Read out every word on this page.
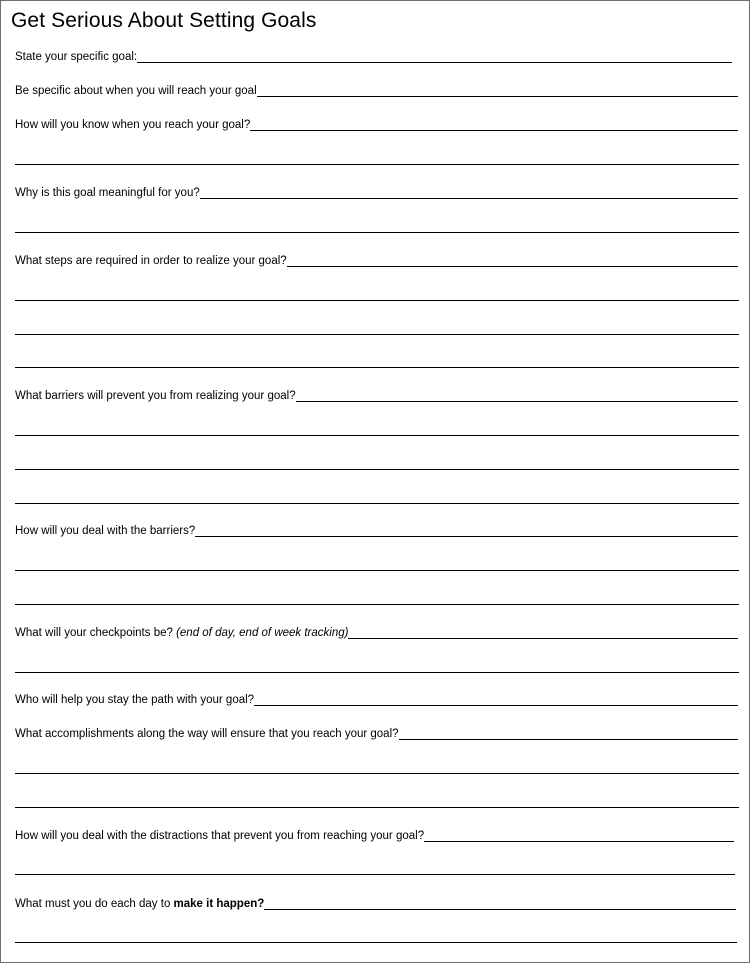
Get Serious About Setting Goals
State your specific goal:
Be specific about when you will reach your goal
How will you know when you reach your goal?
Why is this goal meaningful for you?
What steps are required in order to realize your goal?
What barriers will prevent you from realizing your goal?
How will you deal with the barriers?
What will your checkpoints be? (end of day, end of week tracking)
Who will help you stay the path with your goal?
What accomplishments along the way will ensure that you reach your goal?
How will you deal with the distractions that prevent you from reaching your goal?
What must you do each day to make it happen?
